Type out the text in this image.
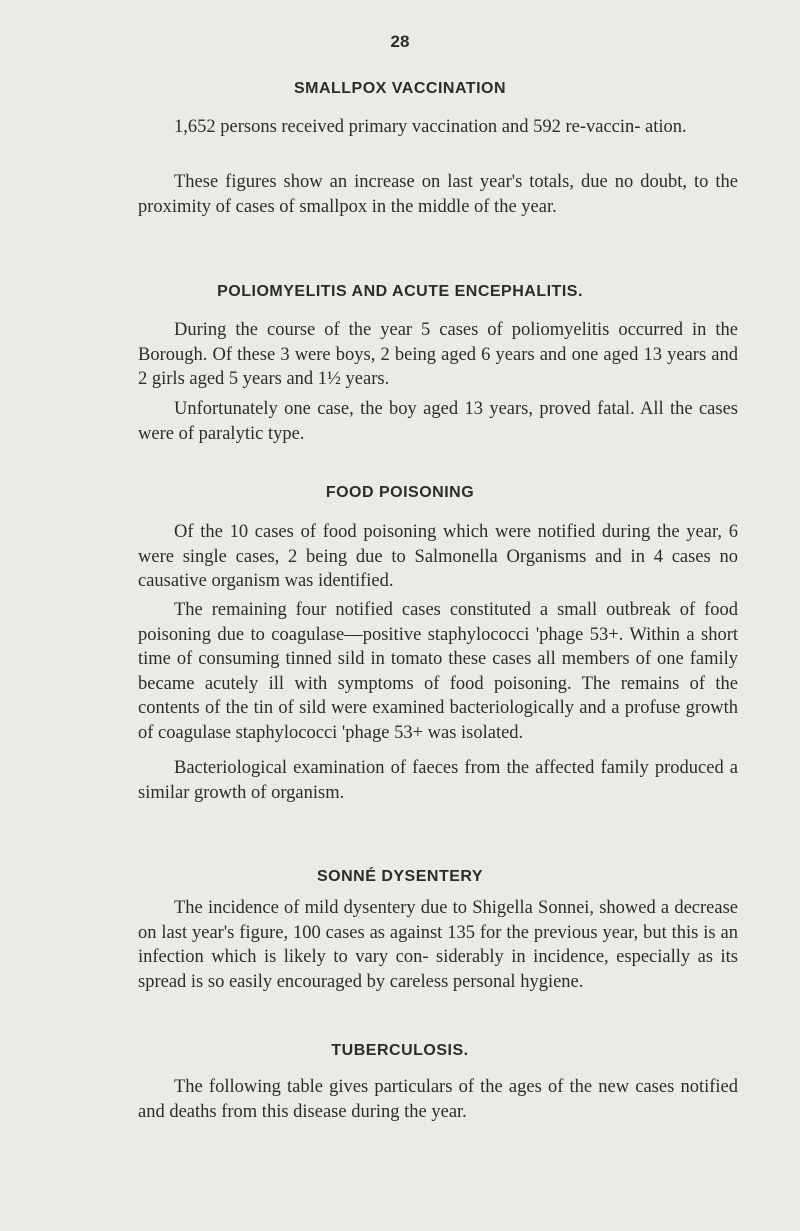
28
SMALLPOX VACCINATION
1,652 persons received primary vaccination and 592 re-vaccin- ation.
These figures show an increase on last year's totals, due no doubt, to the proximity of cases of smallpox in the middle of the year.
POLIOMYELITIS AND ACUTE ENCEPHALITIS.
During the course of the year 5 cases of poliomyelitis occurred in the Borough. Of these 3 were boys, 2 being aged 6 years and one aged 13 years and 2 girls aged 5 years and 1½ years.
Unfortunately one case, the boy aged 13 years, proved fatal. All the cases were of paralytic type.
FOOD POISONING
Of the 10 cases of food poisoning which were notified during the year, 6 were single cases, 2 being due to Salmonella Organisms and in 4 cases no causative organism was identified.
The remaining four notified cases constituted a small outbreak of food poisoning due to coagulase—positive staphylococci 'phage 53+. Within a short time of consuming tinned sild in tomato these cases all members of one family became acutely ill with symptoms of food poisoning. The remains of the contents of the tin of sild were examined bacteriologically and a profuse growth of coagulase staphylococci 'phage 53+ was isolated.
Bacteriological examination of faeces from the affected family produced a similar growth of organism.
SONNÉ DYSENTERY
The incidence of mild dysentery due to Shigella Sonnei, showed a decrease on last year's figure, 100 cases as against 135 for the previous year, but this is an infection which is likely to vary con- siderably in incidence, especially as its spread is so easily encouraged by careless personal hygiene.
TUBERCULOSIS.
The following table gives particulars of the ages of the new cases notified and deaths from this disease during the year.
